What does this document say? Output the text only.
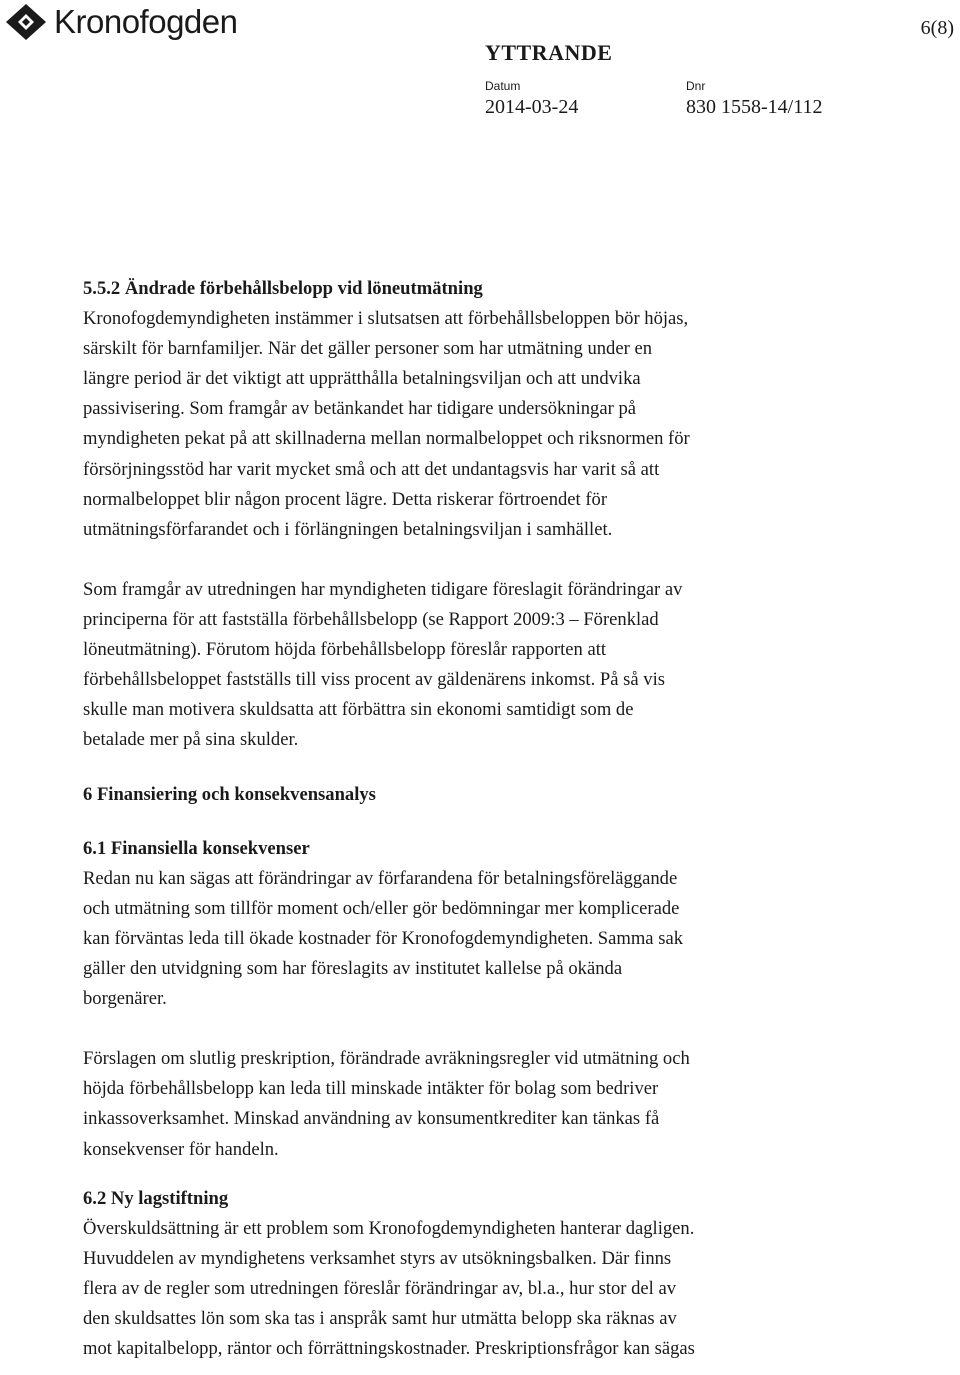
Kronofogden	6(8)
YTTRANDE
Datum	Dnr
2014-03-24	830 1558-14/112
5.5.2 Ändrade förbehållsbelopp vid löneutmätning

Kronofogdemyndigheten instämmer i slutsatsen att förbehållsbeloppen bör höjas,
särskilt för barnfamiljer. När det gäller personer som har utmätning under en
längre period är det viktigt att upprätthålla betalningsviljan och att undvika
passivisering. Som framgår av betänkandet har tidigare undersökningar på
myndigheten pekat på att skillnaderna mellan normalbeloppet och riksnormen för
försörjningsstöd har varit mycket små och att det undantagsvis har varit så att
normalbeloppet blir någon procent lägre. Detta riskerar förtroendet för
utmätningsförfarandet och i förlängningen betalningsviljan i samhället.

Som framgår av utredningen har myndigheten tidigare föreslagit förändringar av
principerna för att fastställa förbehållsbelopp (se Rapport 2009:3 – Förenklad
löneutmätning). Förutom höjda förbehållsbelopp föreslår rapporten att
förbehållsbeloppet fastställs till viss procent av gäldenärens inkomst. På så vis
skulle man motivera skuldsatta att förbättra sin ekonomi samtidigt som de
betalade mer på sina skulder.

6 Finansiering och konsekvensanalys
6.1 Finansiella konsekvenser

Redan nu kan sägas att förändringar av förfarandena för betalningsföreläggande
och utmätning som tillför moment och/eller gör bedömningar mer komplicerade
kan förväntas leda till ökade kostnader för Kronofogdemyndigheten. Samma sak
gäller den utvidgning som har föreslagits av institutet kallelse på okända
borgenärer.

Förslagen om slutlig preskription, förändrade avräkningsregler vid utmätning och
höjda förbehållsbelopp kan leda till minskade intäkter för bolag som bedriver
inkassoverksamhet. Minskad användning av konsumentkrediter kan tänkas få
konsekvenser för handeln.

6.2 Ny lagstiftning

Överskuldsättning är ett problem som Kronofogdemyndigheten hanterar dagligen.
Huvuddelen av myndighetens verksamhet styrs av utsökningsbalken. Där finns
flera av de regler som utredningen föreslår förändringar av, bl.a., hur stor del av
den skuldsattes lön som ska tas i anspråk samt hur utmätta belopp ska räknas av
mot kapitalbelopp, räntor och förrättningskostnader. Preskriptionsfrågor kan sägas
